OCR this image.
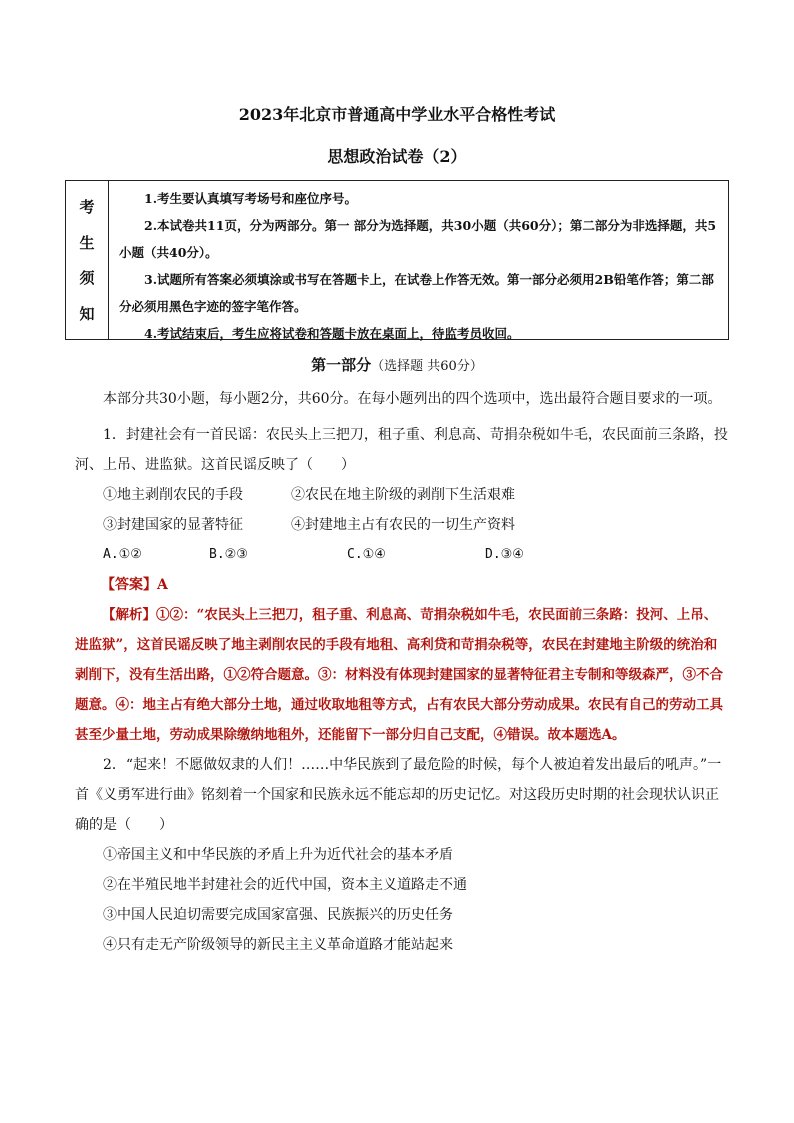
2023年北京市普通高中学业水平合格性考试
思想政治试卷（2）
考
生
须
知

1.考生要认真填写考场号和座位序号。

2.本试卷共11页，分为两部分。第一 部分为选择题，共30小题（共60分）；第二部分为非选择题，共5小题（共40分）。

3.试题所有答案必须填涂或书写在答题卡上，在试卷上作答无效。第一部分必须用2B铅笔作答；第二部分必须用黑色字迹的签字笔作答。

4.考试结束后，考生应将试卷和答题卡放在桌面上，待监考员收回。

第一部分（选择题 共60分）

本部分共30小题，每小题2分，共60分。在每小题列出的四个选项中，选出最符合题目要求的一项。

1．封建社会有一首民谣：农民头上三把刀，租子重、利息高、苛捐杂税如牛毛，农民面前三条路，投河、上吊、进监狱。这首民谣反映了（　　）

①地主剥削农民的手段	②农民在地主阶级的剥削下生活艰难
③封建国家的显著特征	④封建地主占有农民的一切生产资料
A.①②	B.②③	C.①④	D.③④

【答案】A

【解析】①②：“农民头上三把刀，租子重、利息高、苛捐杂税如牛毛，农民面前三条路：投河、上吊、进监狱”，这首民谣反映了地主剥削农民的手段有地租、高利贷和苛捐杂税等，农民在封建地主阶级的统治和剥削下，没有生活出路，①②符合题意。③：材料没有体现封建国家的显著特征君主专制和等级森严，③不合题意。④：地主占有绝大部分土地，通过收取地租等方式，占有农民大部分劳动成果。农民有自己的劳动工具甚至少量土地，劳动成果除缴纳地租外，还能留下一部分归自己支配，④错误。故本题选A。

2．“起来！不愿做奴隶的人们！……中华民族到了最危险的时候，每个人被迫着发出最后的吼声。”一首《义勇军进行曲》铭刻着一个国家和民族永远不能忘却的历史记忆。对这段历史时期的社会现状认识正确的是（　　）

①帝国主义和中华民族的矛盾上升为近代社会的基本矛盾

②在半殖民地半封建社会的近代中国，资本主义道路走不通

③中国人民迫切需要完成国家富强、民族振兴的历史任务

④只有走无产阶级领导的新民主主义革命道路才能站起来
